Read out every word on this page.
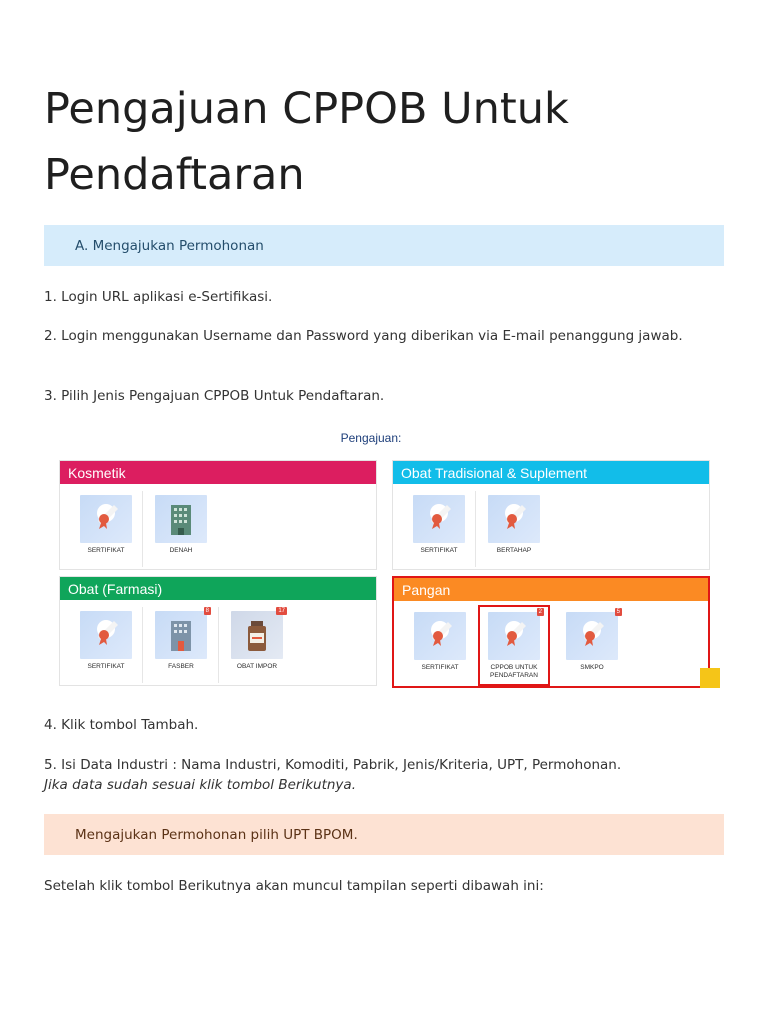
Pengajuan CPPOB Untuk Pendaftaran
A. Mengajukan Permohonan

1. Login URL aplikasi e-Sertifikasi.

2. Login menggunakan Username dan Password yang diberikan via E-mail penanggung jawab.

3. Pilih Jenis Pengajuan CPPOB Untuk Pendaftaran.

Pengajuan:
Kosmetik
SERTIFIKAT	DENAH
Obat Tradisional & Suplement
SERTIFIKAT	BERTAHAP
Obat (Farmasi)
SERTIFIKAT
8
FASBER
17
OBAT IMPOR
Pangan
SERTIFIKAT
2
CPPOB UNTUK PENDAFTARAN
5
SMKPO

4. Klik tombol Tambah.

5. Isi Data Industri : Nama Industri, Komoditi, Pabrik, Jenis/Kriteria, UPT, Permohonan.
Jika data sudah sesuai klik tombol Berikutnya.

Mengajukan Permohonan pilih UPT BPOM.

Setelah klik tombol Berikutnya akan muncul tampilan seperti dibawah ini:
